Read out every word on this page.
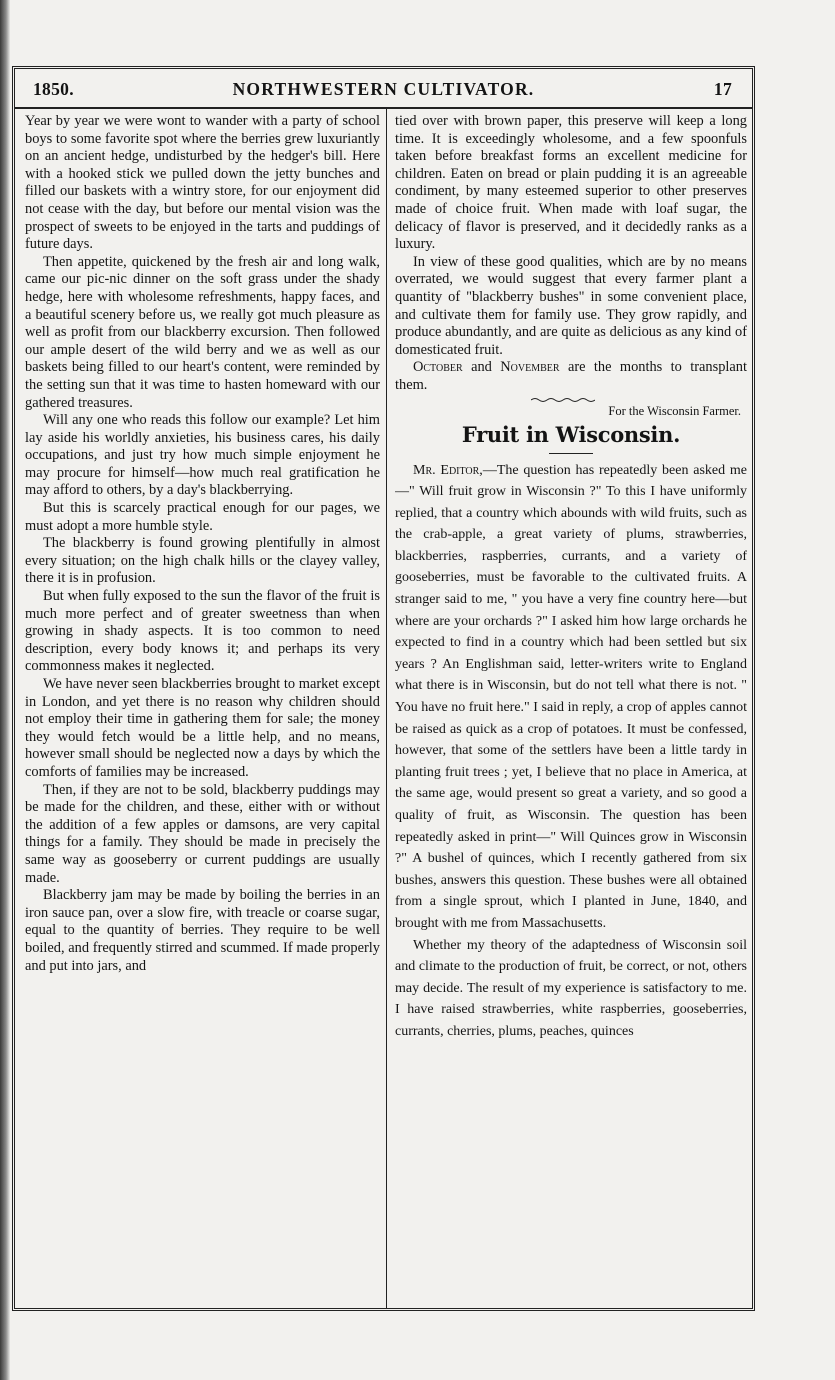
1850.	NORTHWESTERN CULTIVATOR.	17

Year by year we were wont to wander with a party of school boys to some favorite spot where the berries grew luxuriantly on an ancient hedge, undisturbed by the hedger's bill. Here with a hooked stick we pulled down the jetty bunches and filled our baskets with a wintry store, for our enjoyment did not cease with the day, but before our mental vision was the prospect of sweets to be enjoyed in the tarts and puddings of future days.

Then appetite, quickened by the fresh air and long walk, came our pic-nic dinner on the soft grass under the shady hedge, here with wholesome refreshments, happy faces, and a beautiful scenery before us, we really got much pleasure as well as profit from our blackberry excursion. Then followed our ample desert of the wild berry and we as well as our baskets being filled to our heart's content, were reminded by the setting sun that it was time to hasten homeward with our gathered treasures.

Will any one who reads this follow our example? Let him lay aside his worldly anxieties, his business cares, his daily occupations, and just try how much simple enjoyment he may procure for himself—how much real gratification he may afford to others, by a day's blackberrying.

But this is scarcely practical enough for our pages, we must adopt a more humble style.

The blackberry is found growing plentifully in almost every situation; on the high chalk hills or the clayey valley, there it is in profusion.

But when fully exposed to the sun the flavor of the fruit is much more perfect and of greater sweetness than when growing in shady aspects. It is too common to need description, every body knows it; and perhaps its very commonness makes it neglected.

We have never seen blackberries brought to market except in London, and yet there is no reason why children should not employ their time in gathering them for sale; the money they would fetch would be a little help, and no means, however small should be neglected now a days by which the comforts of families may be increased.

Then, if they are not to be sold, blackberry puddings may be made for the children, and these, either with or without the addition of a few apples or damsons, are very capital things for a family. They should be made in precisely the same way as gooseberry or current puddings are usually made.

Blackberry jam may be made by boiling the berries in an iron sauce pan, over a slow fire, with treacle or coarse sugar, equal to the quantity of berries. They require to be well boiled, and frequently stirred and scummed. If made properly and put into jars, and

tied over with brown paper, this preserve will keep a long time. It is exceedingly wholesome, and a few spoonfuls taken before breakfast forms an excellent medicine for children. Eaten on bread or plain pudding it is an agreeable condiment, by many esteemed superior to other preserves made of choice fruit. When made with loaf sugar, the delicacy of flavor is preserved, and it decidedly ranks as a luxury.

In view of these good qualities, which are by no means overrated, we would suggest that every farmer plant a quantity of "blackberry bushes" in some convenient place, and cultivate them for family use. They grow rapidly, and produce abundantly, and are quite as delicious as any kind of domesticated fruit.

October and November are the months to transplant them.

For the Wisconsin Farmer.
Fruit in Wisconsin.

Mr. Editor,—The question has repeatedly been asked me—" Will fruit grow in Wisconsin ?" To this I have uniformly replied, that a country which abounds with wild fruits, such as the crab-apple, a great variety of plums, strawberries, blackberries, raspberries, currants, and a variety of gooseberries, must be favorable to the cultivated fruits. A stranger said to me, " you have a very fine country here—but where are your orchards ?" I asked him how large orchards he expected to find in a country which had been settled but six years ? An Englishman said, letter-writers write to England what there is in Wisconsin, but do not tell what there is not. " You have no fruit here." I said in reply, a crop of apples cannot be raised as quick as a crop of potatoes. It must be confessed, however, that some of the settlers have been a little tardy in planting fruit trees ; yet, I believe that no place in America, at the same age, would present so great a variety, and so good a quality of fruit, as Wisconsin. The question has been repeatedly asked in print—" Will Quinces grow in Wisconsin ?" A bushel of quinces, which I recently gathered from six bushes, answers this question. These bushes were all obtained from a single sprout, which I planted in June, 1840, and brought with me from Massachusetts.

Whether my theory of the adaptedness of Wisconsin soil and climate to the production of fruit, be correct, or not, others may decide. The result of my experience is satisfactory to me. I have raised strawberries, white raspberries, gooseberries, currants, cherries, plums, peaches, quinces
